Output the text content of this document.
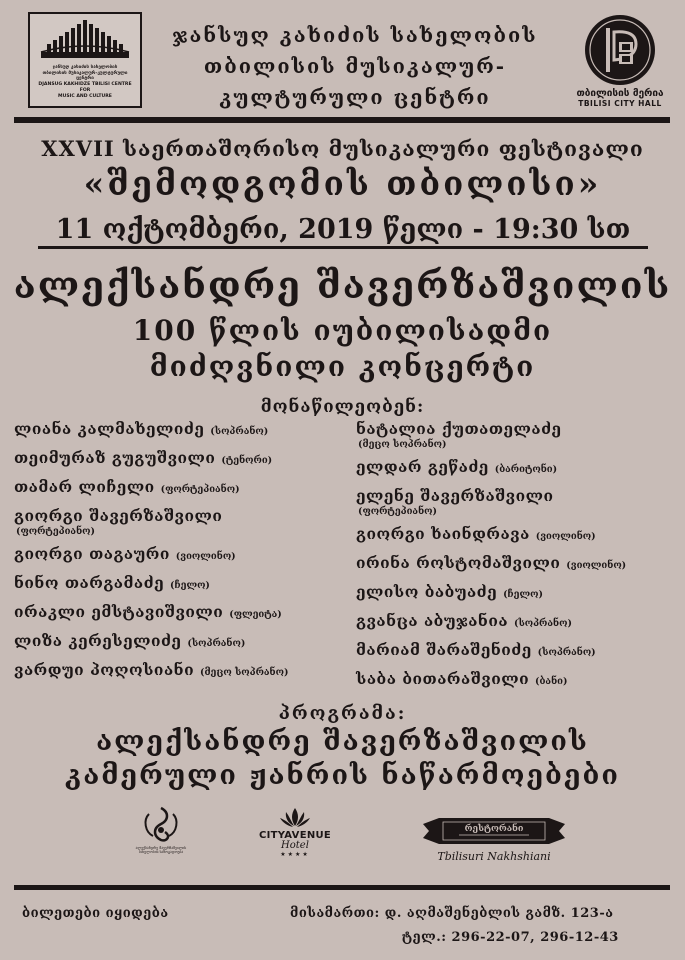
ჯანსუღ კახიძის სახელობის
თბილისის მუსიკალურ-კულტურული
ცენტრი
DJANSUG KAKHIDZE TBILISI CENTRE FOR
MUSIC AND CULTURE
ჯანსუღ კახიძის სახელობის
თბილისის მუსიკალურ-
კულტურული ცენტრი	თბილისის მერია
TBILISI CITY HALL
XXVII საერთაშორისო მუსიკალური ფესტივალი
«შემოდგომის თბილისი»
11 ოქტომბერი, 2019 წელი - 19:30 სთ
ალექსანდრე შავერზაშვილის
100 წლის იუბილისადმი
მიძღვნილი კონცერტი
მონაწილეობენ:
ლიანა კალმახელიძე (სოპრანო)
თეიმურაზ გუგუშვილი (ტენორი)
თამარ ლიჩელი (ფორტეპიანო)
გიორგი შავერზაშვილი
(ფორტეპიანო)
გიორგი თაგაური (ვიოლინო)
ნინო თარგამაძე (ჩელო)
ირაკლი ემსტავიშვილი (ფლეიტა)
ლიზა კერესელიძე (სოპრანო)
ვარდუი პოღოსიანი (მეცო სოპრანო)
ნატალია ქუთათელაძე
(მეცო სოპრანო)
ელდარ გეწაძე (ბარიტონი)
ელენე შავერზაშვილი
(ფორტეპიანო)
გიორგი ხაინდრავა (ვიოლინო)
ირინა როსტომაშვილი (ვიოლინო)
ელისო ბაბუაძე (ჩელო)
გვანცა აბუჯანია (სოპრანო)
მარიამ შარაშენიძე (სოპრანო)
საბა ბითარაშვილი (ბანი)
პროგრამა:
ალექსანდრე შავერზაშვილის
კამერული ჟანრის ნაწარმოებები
ალექსანდრე შავერზაშვილის სახელობის საზოგადოება
CITYAVENUE
Hotel
★★★★
რესტორანი
Tbilisuri Nakhshiani
ბილეთები იყიდება	მისამართი: დ. აღმაშენებლის გამზ. 123-ა
ტელ.: 296-22-07, 296-12-43
